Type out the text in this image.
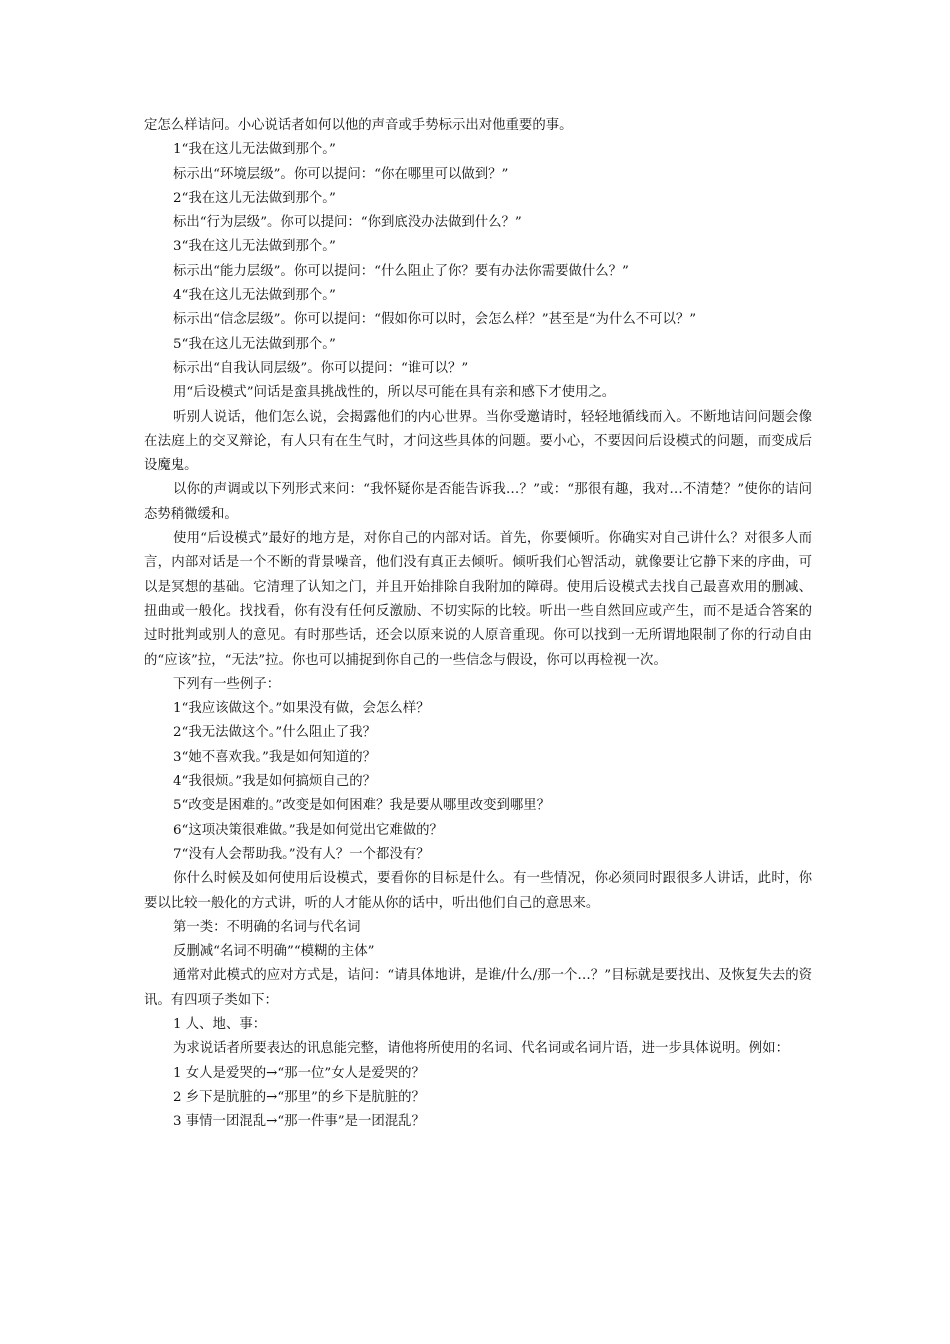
定怎么样诘问。小心说话者如何以他的声音或手势标示出对他重要的事。

1“我在这儿无法做到那个。”

标示出“环境层级”。你可以提问：“你在哪里可以做到？”

2“我在这儿无法做到那个。”

标出“行为层级”。你可以提问：“你到底没办法做到什么？”

3“我在这儿无法做到那个。”

标示出“能力层级”。你可以提问：“什么阻止了你？要有办法你需要做什么？”

4“我在这儿无法做到那个。”

标示出“信念层级”。你可以提问：“假如你可以时，会怎么样？”甚至是“为什么不可以？”

5“我在这儿无法做到那个。”

标示出“自我认同层级”。你可以提问：“谁可以？”

用“后设模式”问话是蛮具挑战性的，所以尽可能在具有亲和感下才使用之。

听别人说话，他们怎么说，会揭露他们的内心世界。当你受邀请时，轻轻地循线而入。不断地诘问问题会像在法庭上的交叉辩论，有人只有在生气时，才问这些具体的问题。要小心，不要因问后设模式的问题，而变成后设魔鬼。

以你的声调或以下列形式来问：“我怀疑你是否能告诉我…？”或：“那很有趣，我对…不清楚？”使你的诘问态势稍微缓和。

使用“后设模式”最好的地方是，对你自己的内部对话。首先，你要倾听。你确实对自己讲什么？对很多人而言，内部对话是一个不断的背景噪音，他们没有真正去倾听。倾听我们心智活动，就像要让它静下来的序曲，可以是冥想的基础。它清理了认知之门，并且开始排除自我附加的障碍。使用后设模式去找自己最喜欢用的删减、扭曲或一般化。找找看，你有没有任何反激励、不切实际的比较。听出一些自然回应或产生，而不是适合答案的过时批判或别人的意见。有时那些话，还会以原来说的人原音重现。你可以找到一无所谓地限制了你的行动自由的“应该”拉，“无法”拉。你也可以捕捉到你自己的一些信念与假设，你可以再检视一次。

下列有一些例子：

1“我应该做这个。”如果没有做，会怎么样？

2“我无法做这个。”什么阻止了我？

3“她不喜欢我。”我是如何知道的？

4“我很烦。”我是如何搞烦自己的？

5“改变是困难的。”改变是如何困难？我是要从哪里改变到哪里？

6“这项决策很难做。”我是如何觉出它难做的？

7“没有人会帮助我。”没有人？一个都没有？

你什么时候及如何使用后设模式，要看你的目标是什么。有一些情况，你必须同时跟很多人讲话，此时，你要以比较一般化的方式讲，听的人才能从你的话中，听出他们自己的意思来。

第一类：不明确的名词与代名词

反删减“名词不明确”“模糊的主体”

通常对此模式的应对方式是，诘问：“请具体地讲，是谁/什么/那一个…？”目标就是要找出、及恢复失去的资讯。有四项子类如下：

1 人、地、事：

为求说话者所要表达的讯息能完整，请他将所使用的名词、代名词或名词片语，进一步具体说明。例如：

1 女人是爱哭的→“那一位”女人是爱哭的？

2 乡下是肮脏的→“那里”的乡下是肮脏的？

3 事情一团混乱→“那一件事”是一团混乱？
